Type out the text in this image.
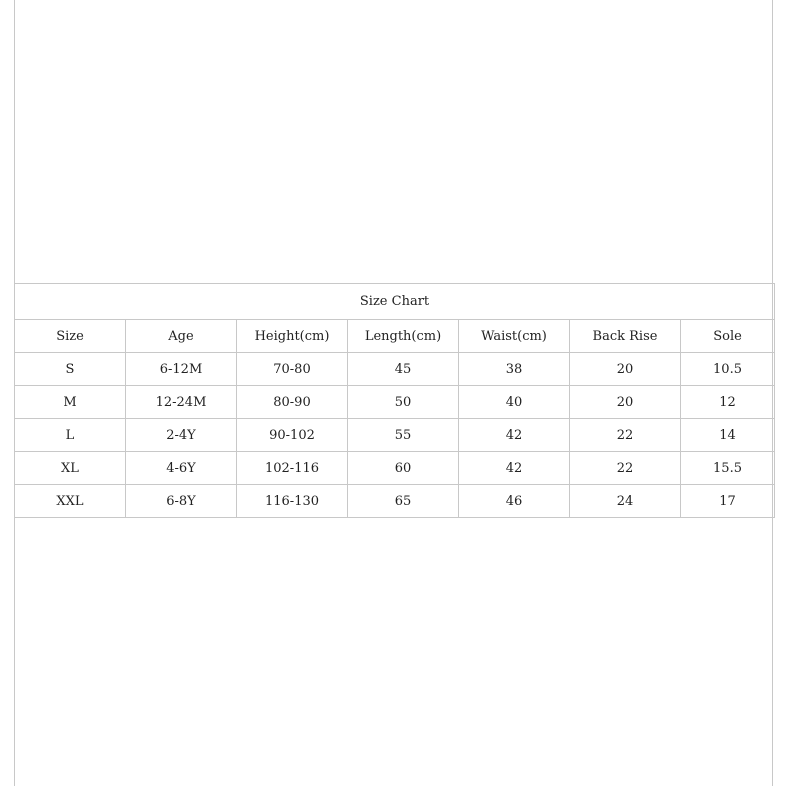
Size Chart						
Size	Age	Height(cm)	Length(cm)	Waist(cm)	Back Rise	Sole
S	6-12M	70-80	45	38	20	10.5
M	12-24M	80-90	50	40	20	12
L	2-4Y	90-102	55	42	22	14
XL	4-6Y	102-116	60	42	22	15.5
XXL	6-8Y	116-130	65	46	24	17
